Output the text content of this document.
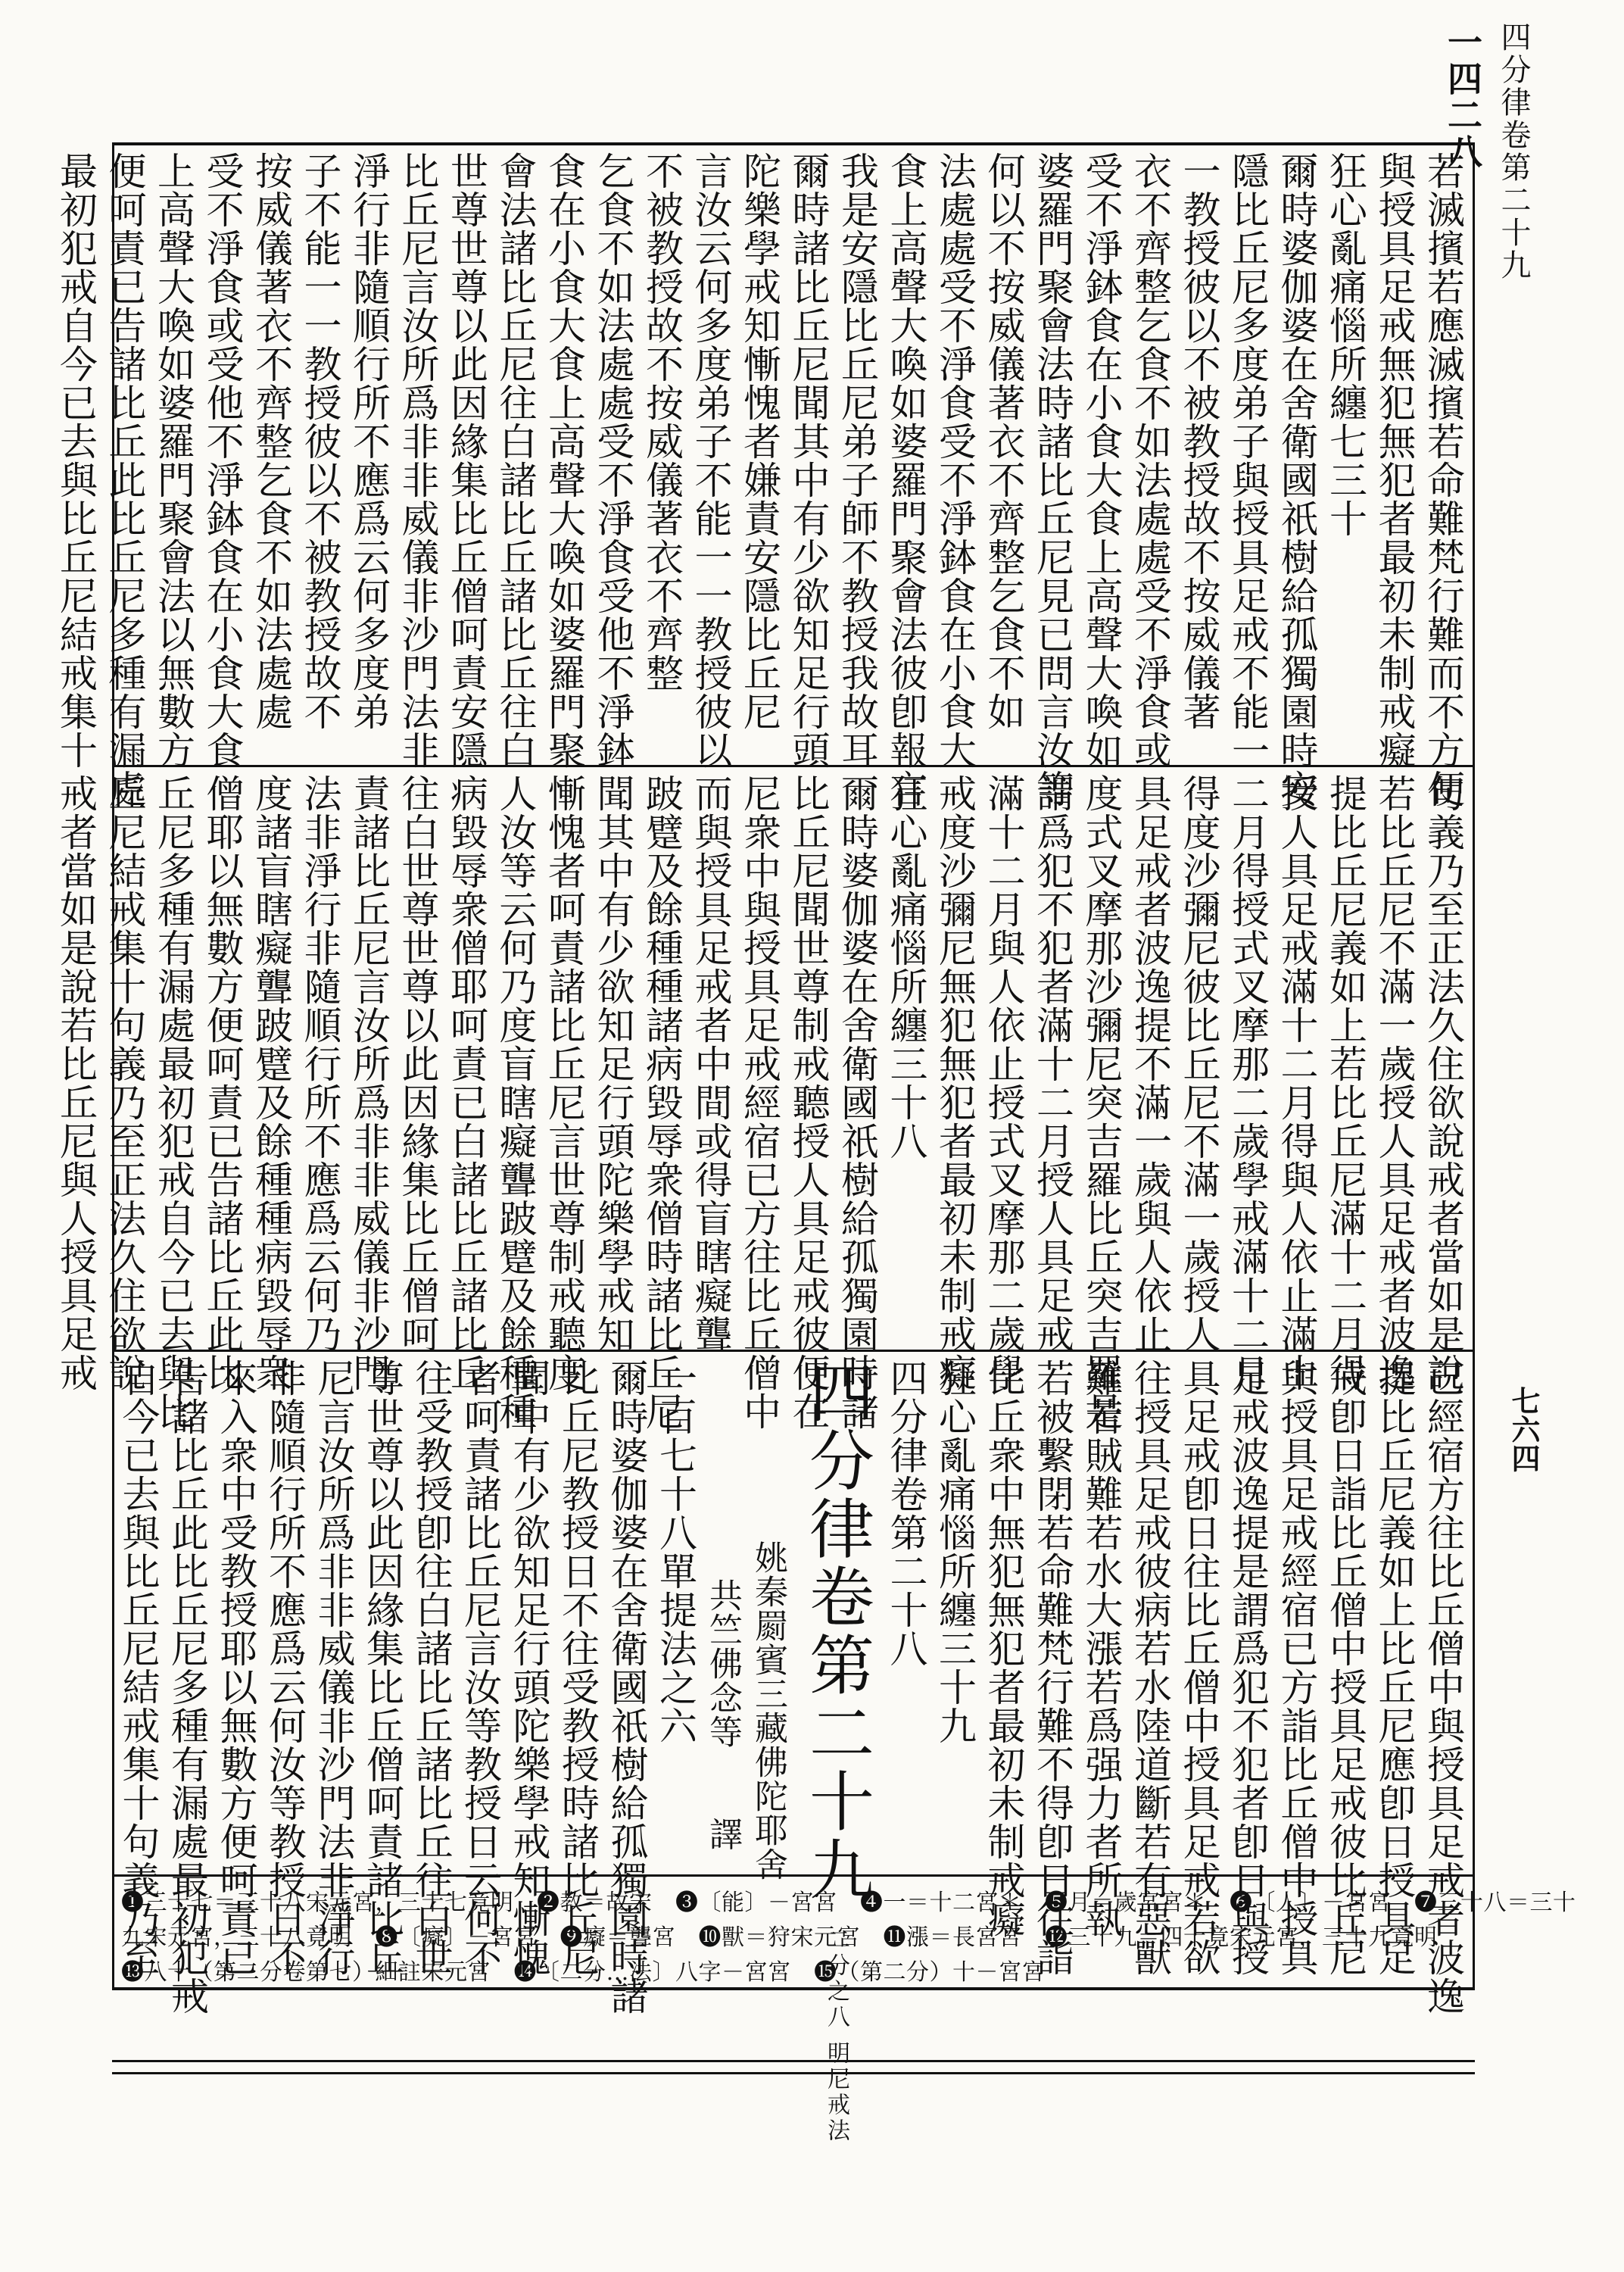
一四二八 四分律卷第二十九
七六四
若滅擯若應滅擯若命難梵行難而不方便
與授具足戒無犯無犯者最初未制戒癡
狂心亂痛惱所纏七三十
爾時婆伽婆在舍衛國祇樹給孤獨園時安
隱比丘尼多度弟子與授具足戒不能一
一教授彼以不被教授故不按威儀著
衣不齊整乞食不如法處處受不淨食或
受不淨鉢食在小食大食上高聲大喚如
婆羅門聚會法時諸比丘尼見已問言汝等
何以不按威儀著衣不齊整乞食不如
法處處受不淨食受不淨鉢食在小食大
食上高聲大喚如婆羅門聚會法彼卽報言
我是安隱比丘尼弟子師不教授我故耳
爾時諸比丘尼聞其中有少欲知足行頭
陀樂學戒知慚愧者嫌責安隱比丘尼
言汝云何多度弟子不能一一教授彼以
不被教授故不按威儀著衣不齊整
乞食不如法處處受不淨食受他不淨鉢
食在小食大食上高聲大喚如婆羅門聚
會法諸比丘尼往白諸比丘諸比丘往白
世尊世尊以此因緣集比丘僧呵責安隱
比丘尼言汝所爲非非威儀非沙門法非
淨行非隨順行所不應爲云何多度弟
子不能一一教授彼以不被教授故不
按威儀著衣不齊整乞食不如法處處
受不淨食或受他不淨鉢食在小食大食
上高聲大喚如婆羅門聚會法以無數方
便呵責已告諸比丘此比丘尼多種有漏處
最初犯戒自今已去與比丘尼結戒集十
句義乃至正法久住欲說戒者當如是說
若比丘尼不滿一歲授人具足戒者波逸
提比丘尼義如上若比丘尼滿十二月得
授人具足戒滿十二月得與人依止滿十
二月得授式叉摩那二歲學戒滿十二月
得度沙彌尼彼比丘尼不滿一歲授人
具足戒者波逸提不滿一歲與人依止
度式叉摩那沙彌尼突吉羅比丘突吉羅是
謂爲犯不犯者滿十二月授人具足戒
滿十二月與人依止授式叉摩那二歲學
戒度沙彌尼無犯無犯者最初未制戒癡
狂心亂痛惱所纏三十八
爾時婆伽婆在舍衛國祇樹給孤獨園時諸
比丘尼聞世尊制戒聽授人具足戒彼便在
尼衆中與授具足戒經宿已方往比丘僧中
而與授具足戒者中間或得盲瞎癡聾
跛躄及餘種種諸病毀辱衆僧時諸比丘尼
聞其中有少欲知足行頭陀樂學戒知
慚愧者呵責諸比丘尼言世尊制戒聽度
人汝等云何乃度盲瞎癡聾跛躄及餘種種
病毀辱衆僧耶呵責已白諸比丘諸比丘
往白世尊世尊以此因緣集比丘僧呵
責諸比丘尼言汝所爲非非威儀非沙門
法非淨行非隨順行所不應爲云何乃
度諸盲瞎癡聾跛躄及餘種種病毀辱衆
僧耶以無數方便呵責已告諸比丘此比
丘尼多種有漏處最初犯戒自今已去與比
丘尼結戒集十句義乃至正法久住欲說
戒者當如是說若比丘尼與人授具足戒
已經宿方往比丘僧中與授具足戒者波逸
提比丘尼義如上比丘尼應卽日授具足
戒卽日詣比丘僧中授具足戒彼比丘尼
與授具足戒經宿已方詣比丘僧中授具
足戒波逸提是謂爲犯不犯者卽日與授
具足戒卽日往比丘僧中授具足戒若欲
往授具足戒彼病若水陸道斷若有惡獸
難若賊難若水大漲若爲强力者所執
若被繫閉若命難梵行難不得卽日往詣
比丘衆中無犯無犯者最初未制戒癡
狂心亂痛惱所纏三十九
四分律卷第二十八
四分律卷第二十九 二分之八 明尼戒法
姚秦罽賓三藏佛陀耶舍
共竺佛念等　　譯
一百七十八單提法之六
爾時婆伽婆在舍衛國祇樹給孤獨園時諸
比丘尼教授日不往受教授時諸比丘尼
聞中有少欲知足行頭陀樂學戒知慚愧
者呵責諸比丘尼言汝等教授日云何不
往受教授卽往白諸比丘諸比丘往白世
尊世尊以此因緣集比丘僧呵責諸比丘
尼言汝所爲非非威儀非沙門法非淨行
非隨順行所不應爲云何汝等教授日不
來入衆中受教授耶以無數方便呵責已
告諸比丘此比丘尼多種有漏處最初犯戒
自今已去與比丘尼結戒集十句義乃至
❶三十七＝三十八宋元宮，三十七竟明　❷教＝故宋　❸〔能〕－宮宮　❹一＝十二宮＊　❺月＝歲宮宮＊　❻〔人〕－宮宮　❼三十八＝三十
九宋元宮，三十八竟明　❽〔癡〕－宮宮　❾癡＝聾宮　❿獸＝狩宋元宮　⓫漲＝長宮宮　⓬三十九＝四十竟宋元宮，三十九竟明
⓭八十（第二分卷第七）細註宋元宮　⓮〔二分…法〕八字－宮宮　⓯（第二分）十－宮宮
